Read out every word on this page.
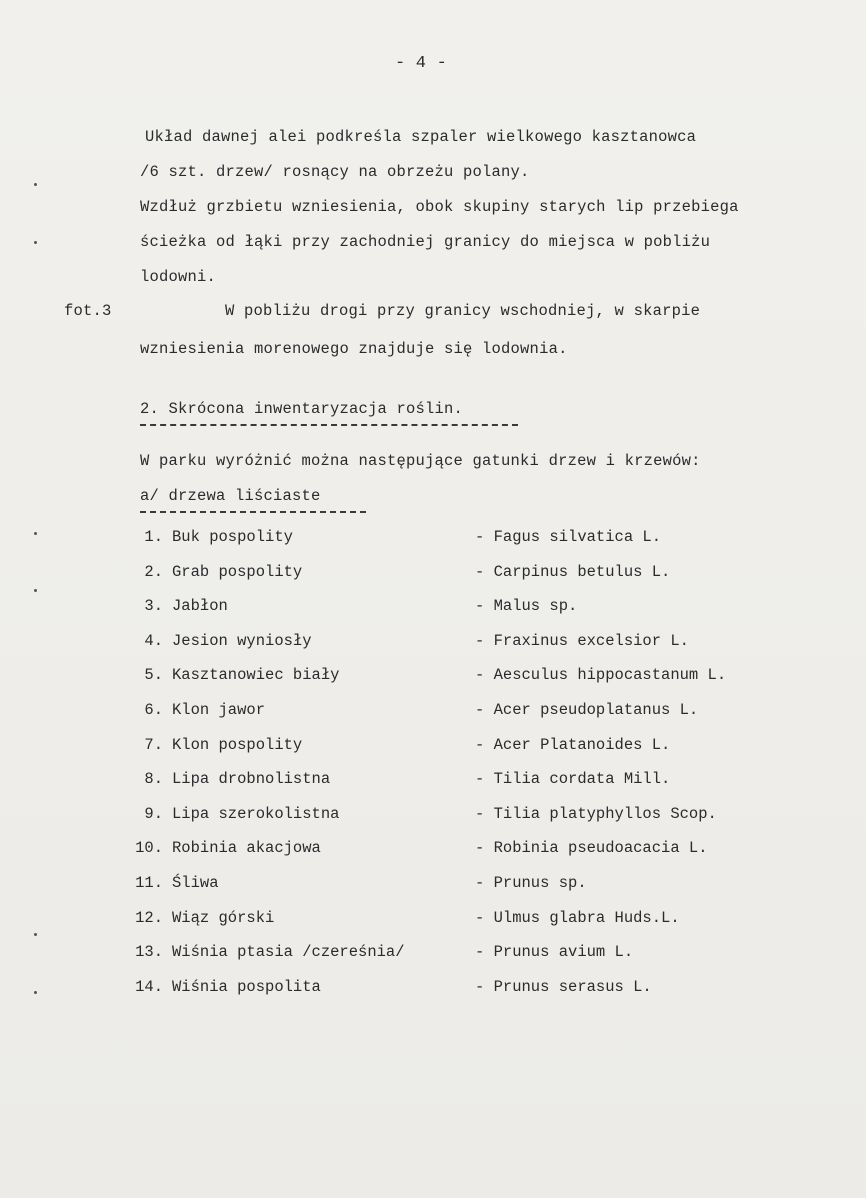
- 4 -
Układ dawnej alei podkreśla szpaler wielkowego kasztanowca
/6 szt. drzew/ rosnący na obrzeżu polany.
Wzdłuż grzbietu wzniesienia, obok skupiny starych lip przebiega
ścieżka od łąki przy zachodniej granicy do miejsca w pobliżu
lodowni.
fot.3	W pobliżu drogi przy granicy wschodniej, w skarpie
wzniesienia morenowego znajduje się lodownia.
2. Skrócona inwentaryzacja roślin.
W parku wyróżnić można następujące gatunki drzew i krzewów:
a/ drzewa liściaste
1. Buk pospolity	- Fagus silvatica L.
2. Grab pospolity	- Carpinus betulus L.
3. Jabłon	- Malus sp.
4. Jesion wyniosły	- Fraxinus excelsior L.
5. Kasztanowiec biały	- Aesculus hippocastanum L.
6. Klon jawor	- Acer pseudoplatanus L.
7. Klon pospolity	- Acer Platanoides L.
8. Lipa drobnolistna	- Tilia cordata Mill.
9. Lipa szerokolistna	- Tilia platyphyllos Scop.
10. Robinia akacjowa	- Robinia pseudoacacia L.
11. Śliwa	- Prunus sp.
12. Wiąz górski	- Ulmus glabra Huds.L.
13. Wiśnia ptasia /czereśnia/	- Prunus avium L.
14. Wiśnia pospolita	- Prunus serasus L.
